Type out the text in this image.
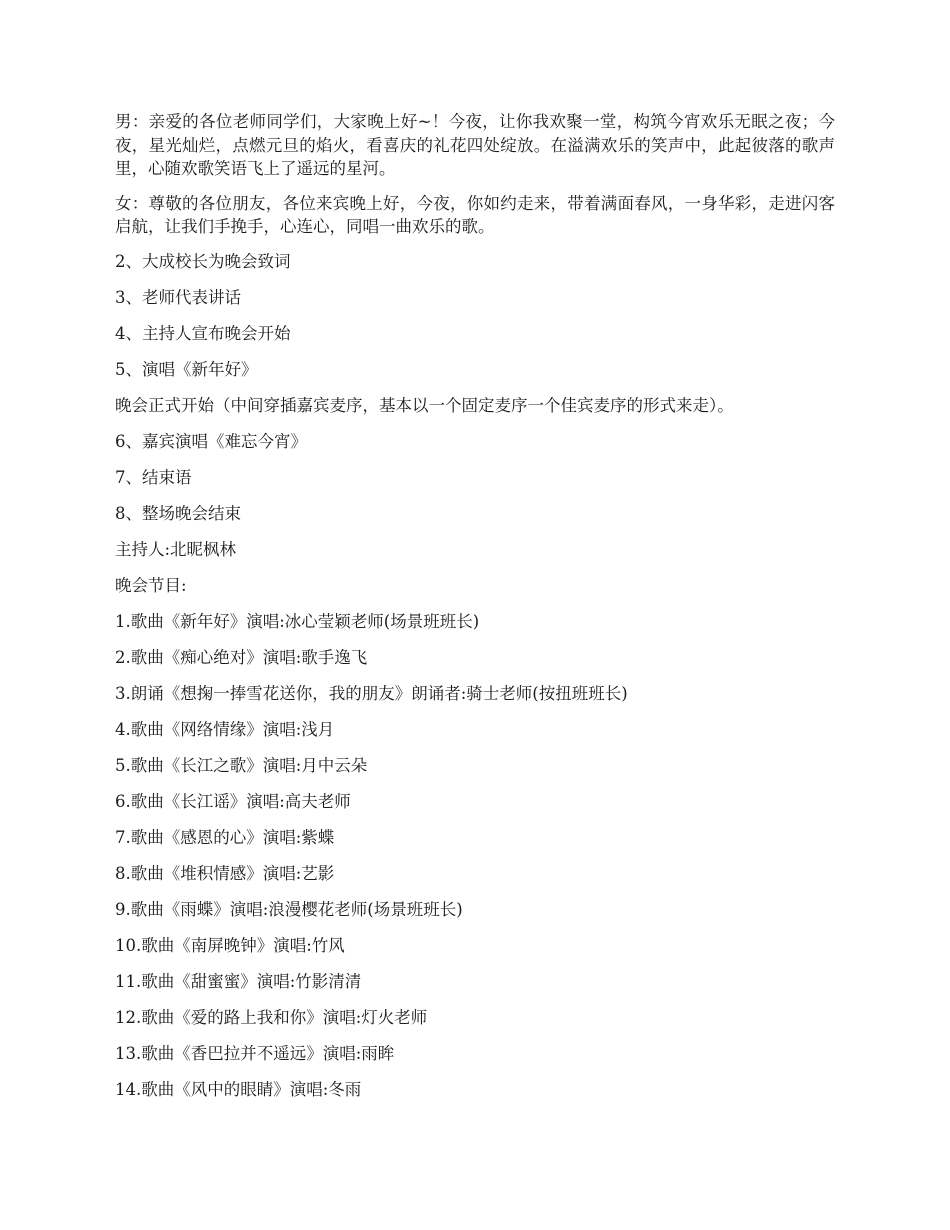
男：亲爱的各位老师同学们，大家晚上好~！今夜，让你我欢聚一堂，构筑今宵欢乐无眠之夜；今夜，星光灿烂，点燃元旦的焰火，看喜庆的礼花四处绽放。在溢满欢乐的笑声中，此起彼落的歌声里，心随欢歌笑语飞上了遥远的星河。

女：尊敬的各位朋友，各位来宾晚上好，今夜，你如约走来，带着满面春风，一身华彩，走进闪客启航，让我们手挽手，心连心，同唱一曲欢乐的歌。

2、大成校长为晚会致词

3、老师代表讲话

4、主持人宣布晚会开始

5、演唱《新年好》

晚会正式开始（中间穿插嘉宾麦序，基本以一个固定麦序一个佳宾麦序的形式来走）。

6、嘉宾演唱《难忘今宵》

7、结束语

8、整场晚会结束

主持人:北昵枫林

晚会节目:

1.歌曲《新年好》演唱:冰心莹颖老师(场景班班长)

2.歌曲《痴心绝对》演唱:歌手逸飞

3.朗诵《想掬一捧雪花送你，我的朋友》朗诵者:骑士老师(按扭班班长)

4.歌曲《网络情缘》演唱:浅月

5.歌曲《长江之歌》演唱:月中云朵

6.歌曲《长江谣》演唱:高夫老师

7.歌曲《感恩的心》演唱:紫蝶

8.歌曲《堆积情感》演唱:艺影

9.歌曲《雨蝶》演唱:浪漫樱花老师(场景班班长)

10.歌曲《南屏晚钟》演唱:竹风

11.歌曲《甜蜜蜜》演唱:竹影清清

12.歌曲《爱的路上我和你》演唱:灯火老师

13.歌曲《香巴拉并不遥远》演唱:雨眸

14.歌曲《风中的眼睛》演唱:冬雨
